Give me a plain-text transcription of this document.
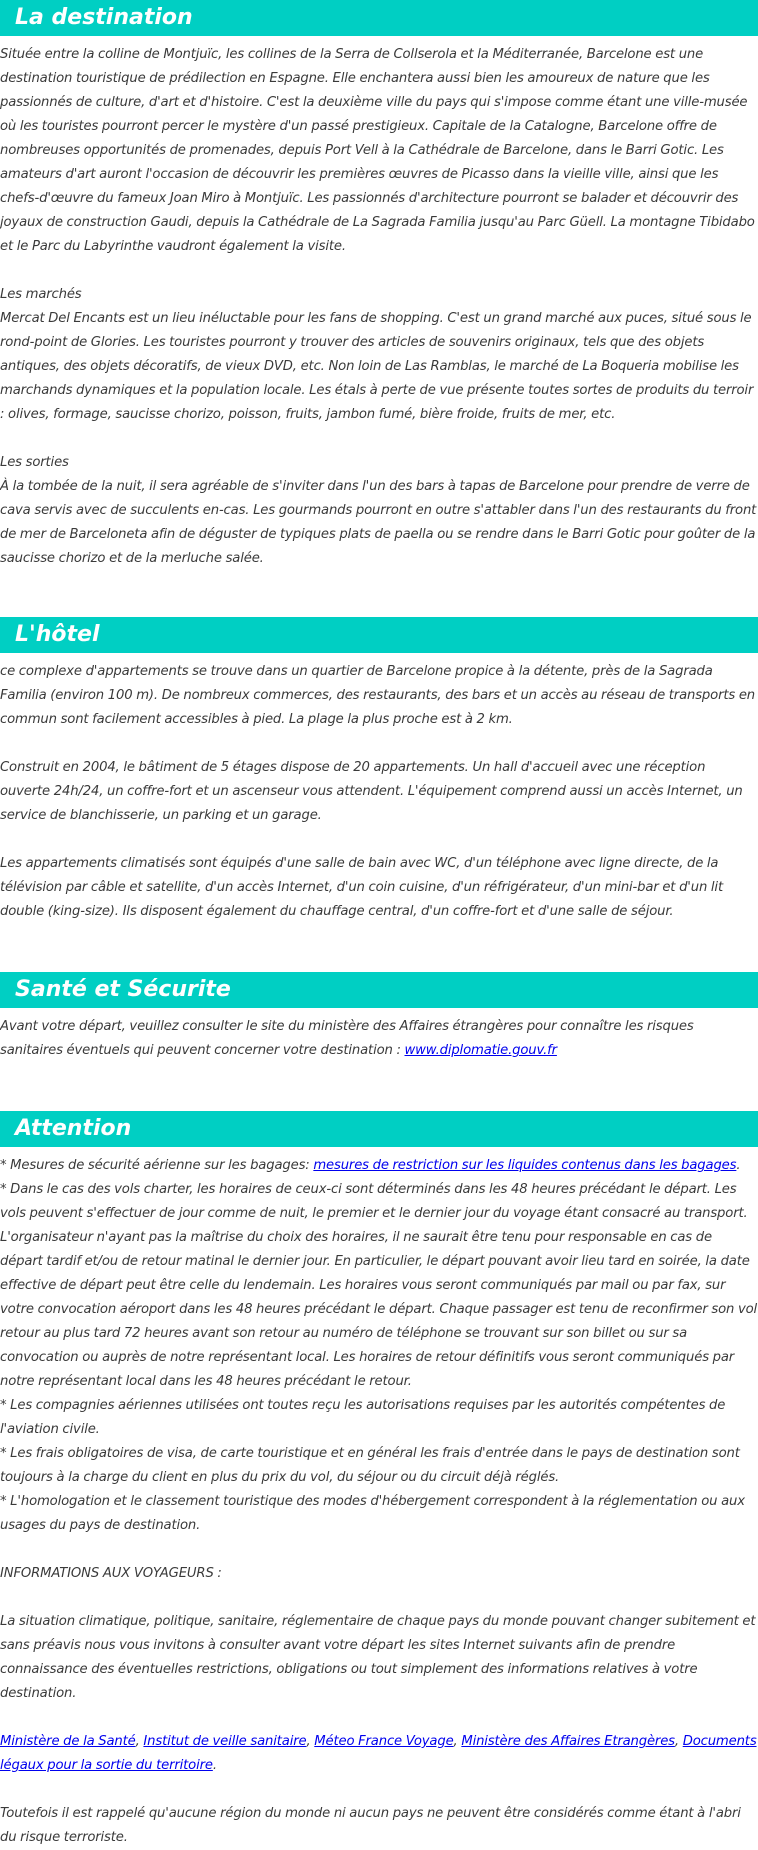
La destination
Située entre la colline de Montjuïc, les collines de la Serra de Collserola et la Méditerranée, Barcelone est une destination touristique de prédilection en Espagne. Elle enchantera aussi bien les amoureux de nature que les passionnés de culture, d'art et d'histoire. C'est la deuxième ville du pays qui s'impose comme étant une ville-musée où les touristes pourront percer le mystère d'un passé prestigieux. Capitale de la Catalogne, Barcelone offre de nombreuses opportunités de promenades, depuis Port Vell à la Cathédrale de Barcelone, dans le Barri Gotic. Les amateurs d'art auront l'occasion de découvrir les premières œuvres de Picasso dans la vieille ville, ainsi que les chefs-d'œuvre du fameux Joan Miro à Montjuïc. Les passionnés d'architecture pourront se balader et découvrir des joyaux de construction Gaudi, depuis la Cathédrale de La Sagrada Familia jusqu'au Parc Güell. La montagne Tibidabo et le Parc du Labyrinthe vaudront également la visite.
Les marchés
Mercat Del Encants est un lieu inéluctable pour les fans de shopping. C'est un grand marché aux puces, situé sous le rond-point de Glories. Les touristes pourront y trouver des articles de souvenirs originaux, tels que des objets antiques, des objets décoratifs, de vieux DVD, etc. Non loin de Las Ramblas, le marché de La Boqueria mobilise les marchands dynamiques et la population locale. Les étals à perte de vue présente toutes sortes de produits du terroir : olives, formage, saucisse chorizo, poisson, fruits, jambon fumé, bière froide, fruits de mer, etc.
Les sorties
À la tombée de la nuit, il sera agréable de s'inviter dans l'un des bars à tapas de Barcelone pour prendre de verre de cava servis avec de succulents en-cas. Les gourmands pourront en outre s'attabler dans l'un des restaurants du front de mer de Barceloneta afin de déguster de typiques plats de paella ou se rendre dans le Barri Gotic pour goûter de la saucisse chorizo et de la merluche salée.
L'hôtel
ce complexe d'appartements se trouve dans un quartier de Barcelone propice à la détente, près de la Sagrada Familia (environ 100 m). De nombreux commerces, des restaurants, des bars et un accès au réseau de transports en commun sont facilement accessibles à pied. La plage la plus proche est à 2 km.
Construit en 2004, le bâtiment de 5 étages dispose de 20 appartements. Un hall d'accueil avec une réception ouverte 24h/24, un coffre-fort et un ascenseur vous attendent. L'équipement comprend aussi un accès Internet, un service de blanchisserie, un parking et un garage.
Les appartements climatisés sont équipés d'une salle de bain avec WC, d'un téléphone avec ligne directe, de la télévision par câble et satellite, d'un accès Internet, d'un coin cuisine, d'un réfrigérateur, d'un mini-bar et d'un lit double (king-size). Ils disposent également du chauffage central, d'un coffre-fort et d'une salle de séjour.
Santé et Sécurite
Avant votre départ, veuillez consulter le site du ministère des Affaires étrangères pour connaître les risques sanitaires éventuels qui peuvent concerner votre destination : www.diplomatie.gouv.fr
Attention
* Mesures de sécurité aérienne sur les bagages: mesures de restriction sur les liquides contenus dans les bagages.
* Dans le cas des vols charter, les horaires de ceux-ci sont déterminés dans les 48 heures précédant le départ. Les vols peuvent s'effectuer de jour comme de nuit, le premier et le dernier jour du voyage étant consacré au transport. L'organisateur n'ayant pas la maîtrise du choix des horaires, il ne saurait être tenu pour responsable en cas de départ tardif et/ou de retour matinal le dernier jour. En particulier, le départ pouvant avoir lieu tard en soirée, la date effective de départ peut être celle du lendemain. Les horaires vous seront communiqués par mail ou par fax, sur votre convocation aéroport dans les 48 heures précédant le départ. Chaque passager est tenu de reconfirmer son vol retour au plus tard 72 heures avant son retour au numéro de téléphone se trouvant sur son billet ou sur sa convocation ou auprès de notre représentant local. Les horaires de retour définitifs vous seront communiqués par notre représentant local dans les 48 heures précédant le retour.
* Les compagnies aériennes utilisées ont toutes reçu les autorisations requises par les autorités compétentes de l'aviation civile.
* Les frais obligatoires de visa, de carte touristique et en général les frais d'entrée dans le pays de destination sont toujours à la charge du client en plus du prix du vol, du séjour ou du circuit déjà réglés.
* L'homologation et le classement touristique des modes d'hébergement correspondent à la réglementation ou aux usages du pays de destination.
INFORMATIONS AUX VOYAGEURS :
La situation climatique, politique, sanitaire, réglementaire de chaque pays du monde pouvant changer subitement et sans préavis nous vous invitons à consulter avant votre départ les sites Internet suivants afin de prendre connaissance des éventuelles restrictions, obligations ou tout simplement des informations relatives à votre destination.
Ministère de la Santé, Institut de veille sanitaire, Méteo France Voyage, Ministère des Affaires Etrangères, Documents légaux pour la sortie du territoire.
Toutefois il est rappelé qu'aucune région du monde ni aucun pays ne peuvent être considérés comme étant à l'abri du risque terroriste.
